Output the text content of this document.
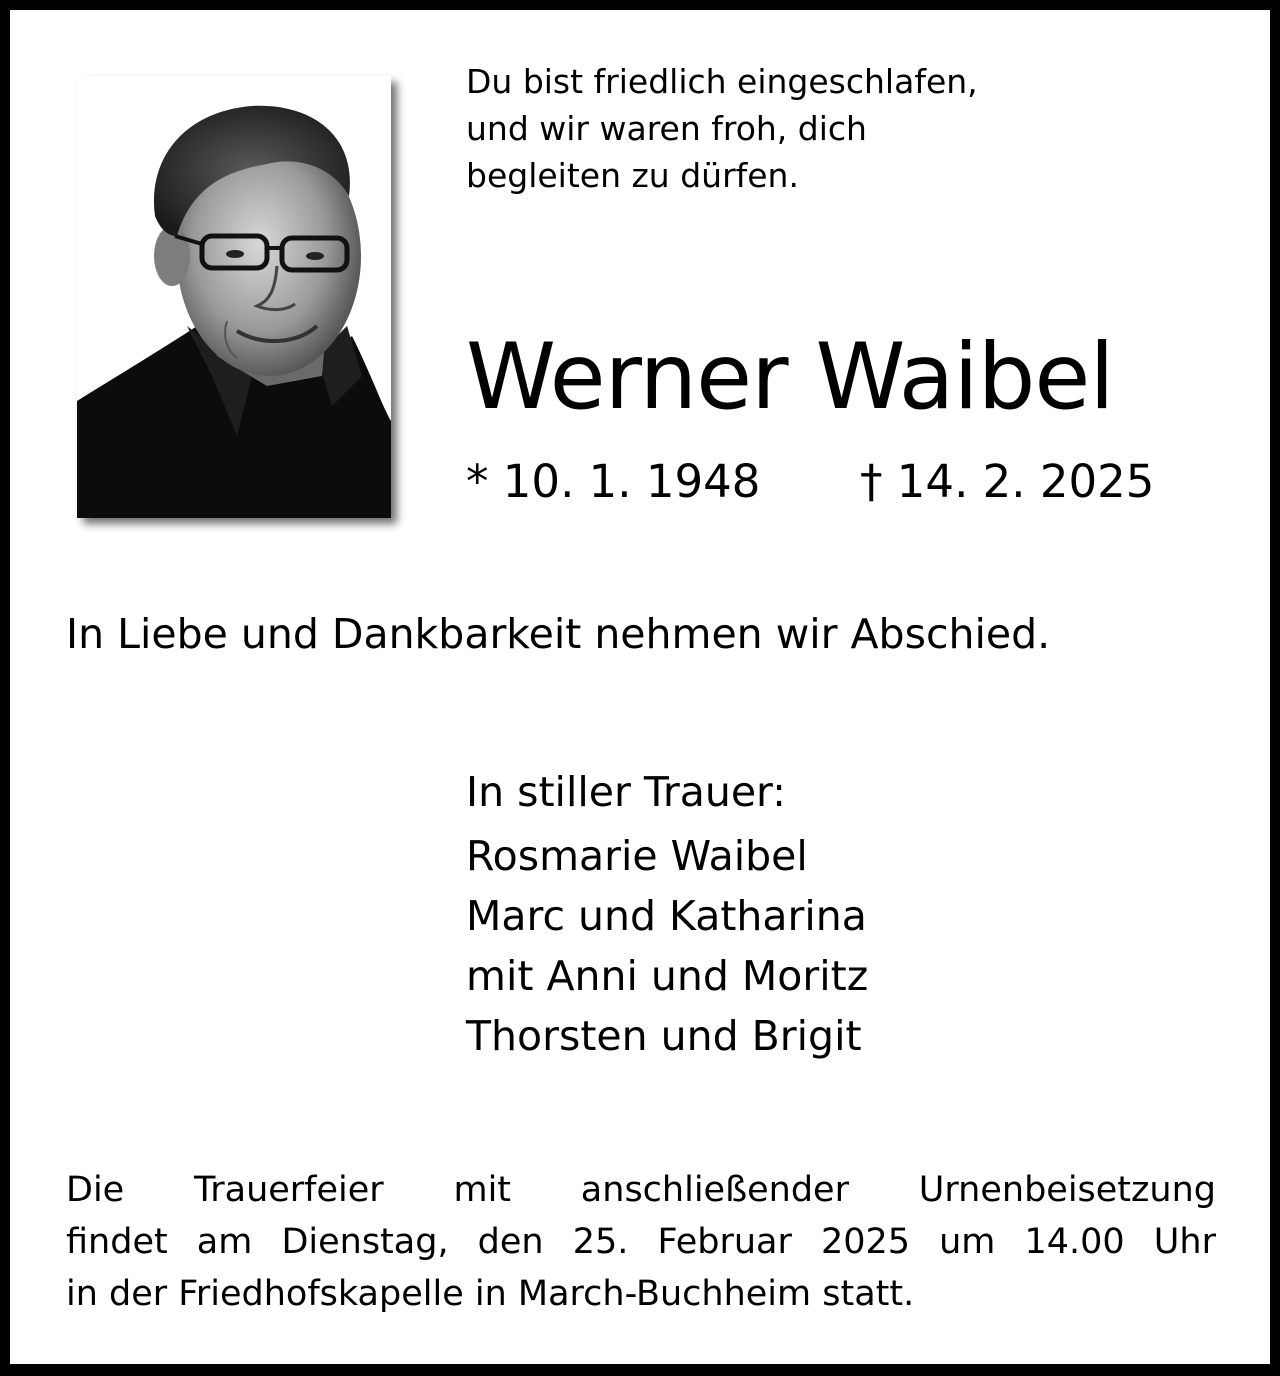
Du bist friedlich eingeschlafen,
und wir waren froh, dich
begleiten zu dürfen.
Werner Waibel
* 10. 1. 1948 † 14. 2. 2025
In Liebe und Dankbarkeit nehmen wir Abschied.
In stiller Trauer:
Rosmarie Waibel
Marc und Katharina
mit Anni und Moritz
Thorsten und Brigit
Die Trauerfeier mit anschließender Urnenbeisetzung
findet am Dienstag, den 25. Februar 2025 um 14.00 Uhr
in der Friedhofskapelle in March-Buchheim statt.
